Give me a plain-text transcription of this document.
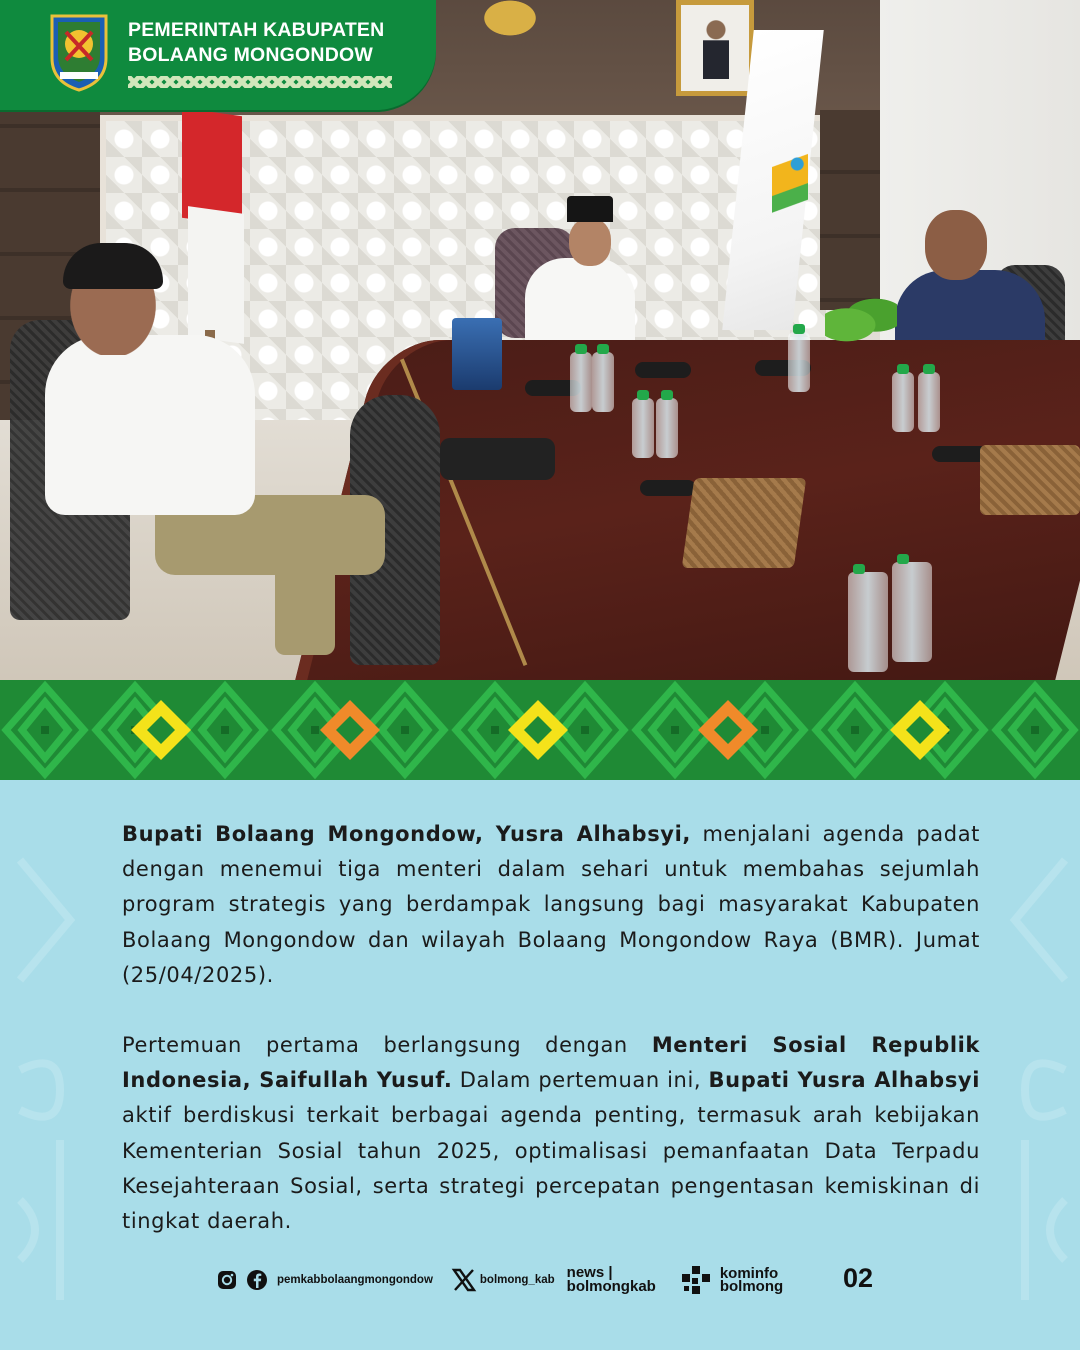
PEMERINTAH KABUPATEN
BOLAANG MONGONDOW

Bupati Bolaang Mongondow, Yusra Alhabsyi, menjalani agenda padat dengan menemui tiga menteri dalam sehari untuk membahas sejumlah program strategis yang berdampak langsung bagi masyarakat Kabupaten Bolaang Mongondow dan wilayah Bolaang Mongondow Raya (BMR). Jumat (25/04/2025).

Pertemuan pertama berlangsung dengan Menteri Sosial Republik Indonesia, Saifullah Yusuf. Dalam pertemuan ini, Bupati Yusra Alhabsyi aktif berdiskusi terkait berbagai agenda penting, termasuk arah kebijakan Kementerian Sosial tahun 2025, optimalisasi pemanfaatan Data Terpadu Kesejahteraan Sosial, serta strategi percepatan pengentasan kemiskinan di tingkat daerah.

pemkabbolaangmongondow	bolmong_kab news |
bolmongkab
kominfo
bolmong 02
